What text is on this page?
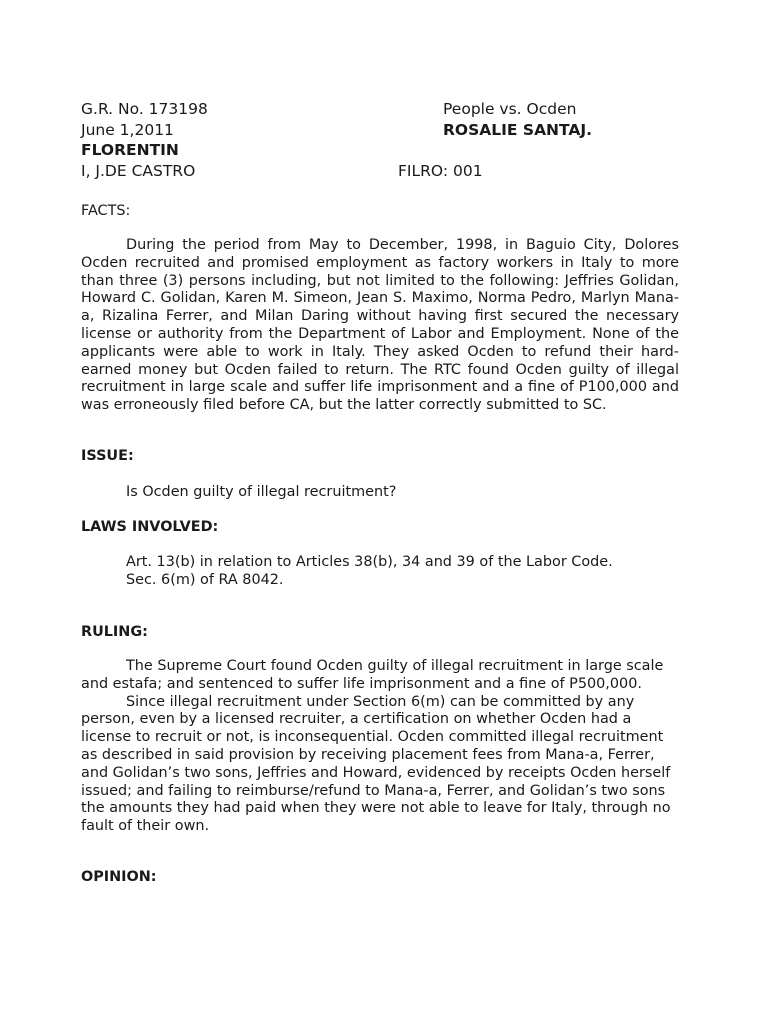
G.R. No. 173198	People vs. Ocden
June 1,2011	ROSALIE SANTAJ.
FLORENTIN
I, J.DE CASTRO	FILRO: 001
FACTS:

During the period from May to December, 1998, in Baguio City, Dolores Ocden recruited and promised employment as factory workers in Italy to more than three (3) persons including, but not limited to the following: Jeffries Golidan, Howard C. Golidan, Karen M. Simeon, Jean S. Maximo, Norma Pedro, Marlyn Mana-a, Rizalina Ferrer, and Milan Daring without having first secured the necessary license or authority from the Department of Labor and Employment. None of the applicants were able to work in Italy. They asked Ocden to refund their hard-earned money but Ocden failed to return. The RTC found Ocden guilty of illegal recruitment in large scale and suffer life imprisonment and a fine of P100,000 and was erroneously filed before CA, but the latter correctly submitted to SC.

ISSUE:
Is Ocden guilty of illegal recruitment?
LAWS INVOLVED:
Art. 13(b) in relation to Articles 38(b), 34 and 39 of the Labor Code.
Sec. 6(m) of RA 8042.
RULING:

The Supreme Court found Ocden guilty of illegal recruitment in large scale and estafa; and sentenced to suffer life imprisonment and a fine of P500,000.

Since illegal recruitment under Section 6(m) can be committed by any person, even by a licensed recruiter, a certification on whether Ocden had a license to recruit or not, is inconsequential. Ocden committed illegal recruitment as described in said provision by receiving placement fees from Mana-a, Ferrer, and Golidan’s two sons, Jeffries and Howard, evidenced by receipts Ocden herself issued; and failing to reimburse/refund to Mana-a, Ferrer, and Golidan’s two sons the amounts they had paid when they were not able to leave for Italy, through no fault of their own.

OPINION:
